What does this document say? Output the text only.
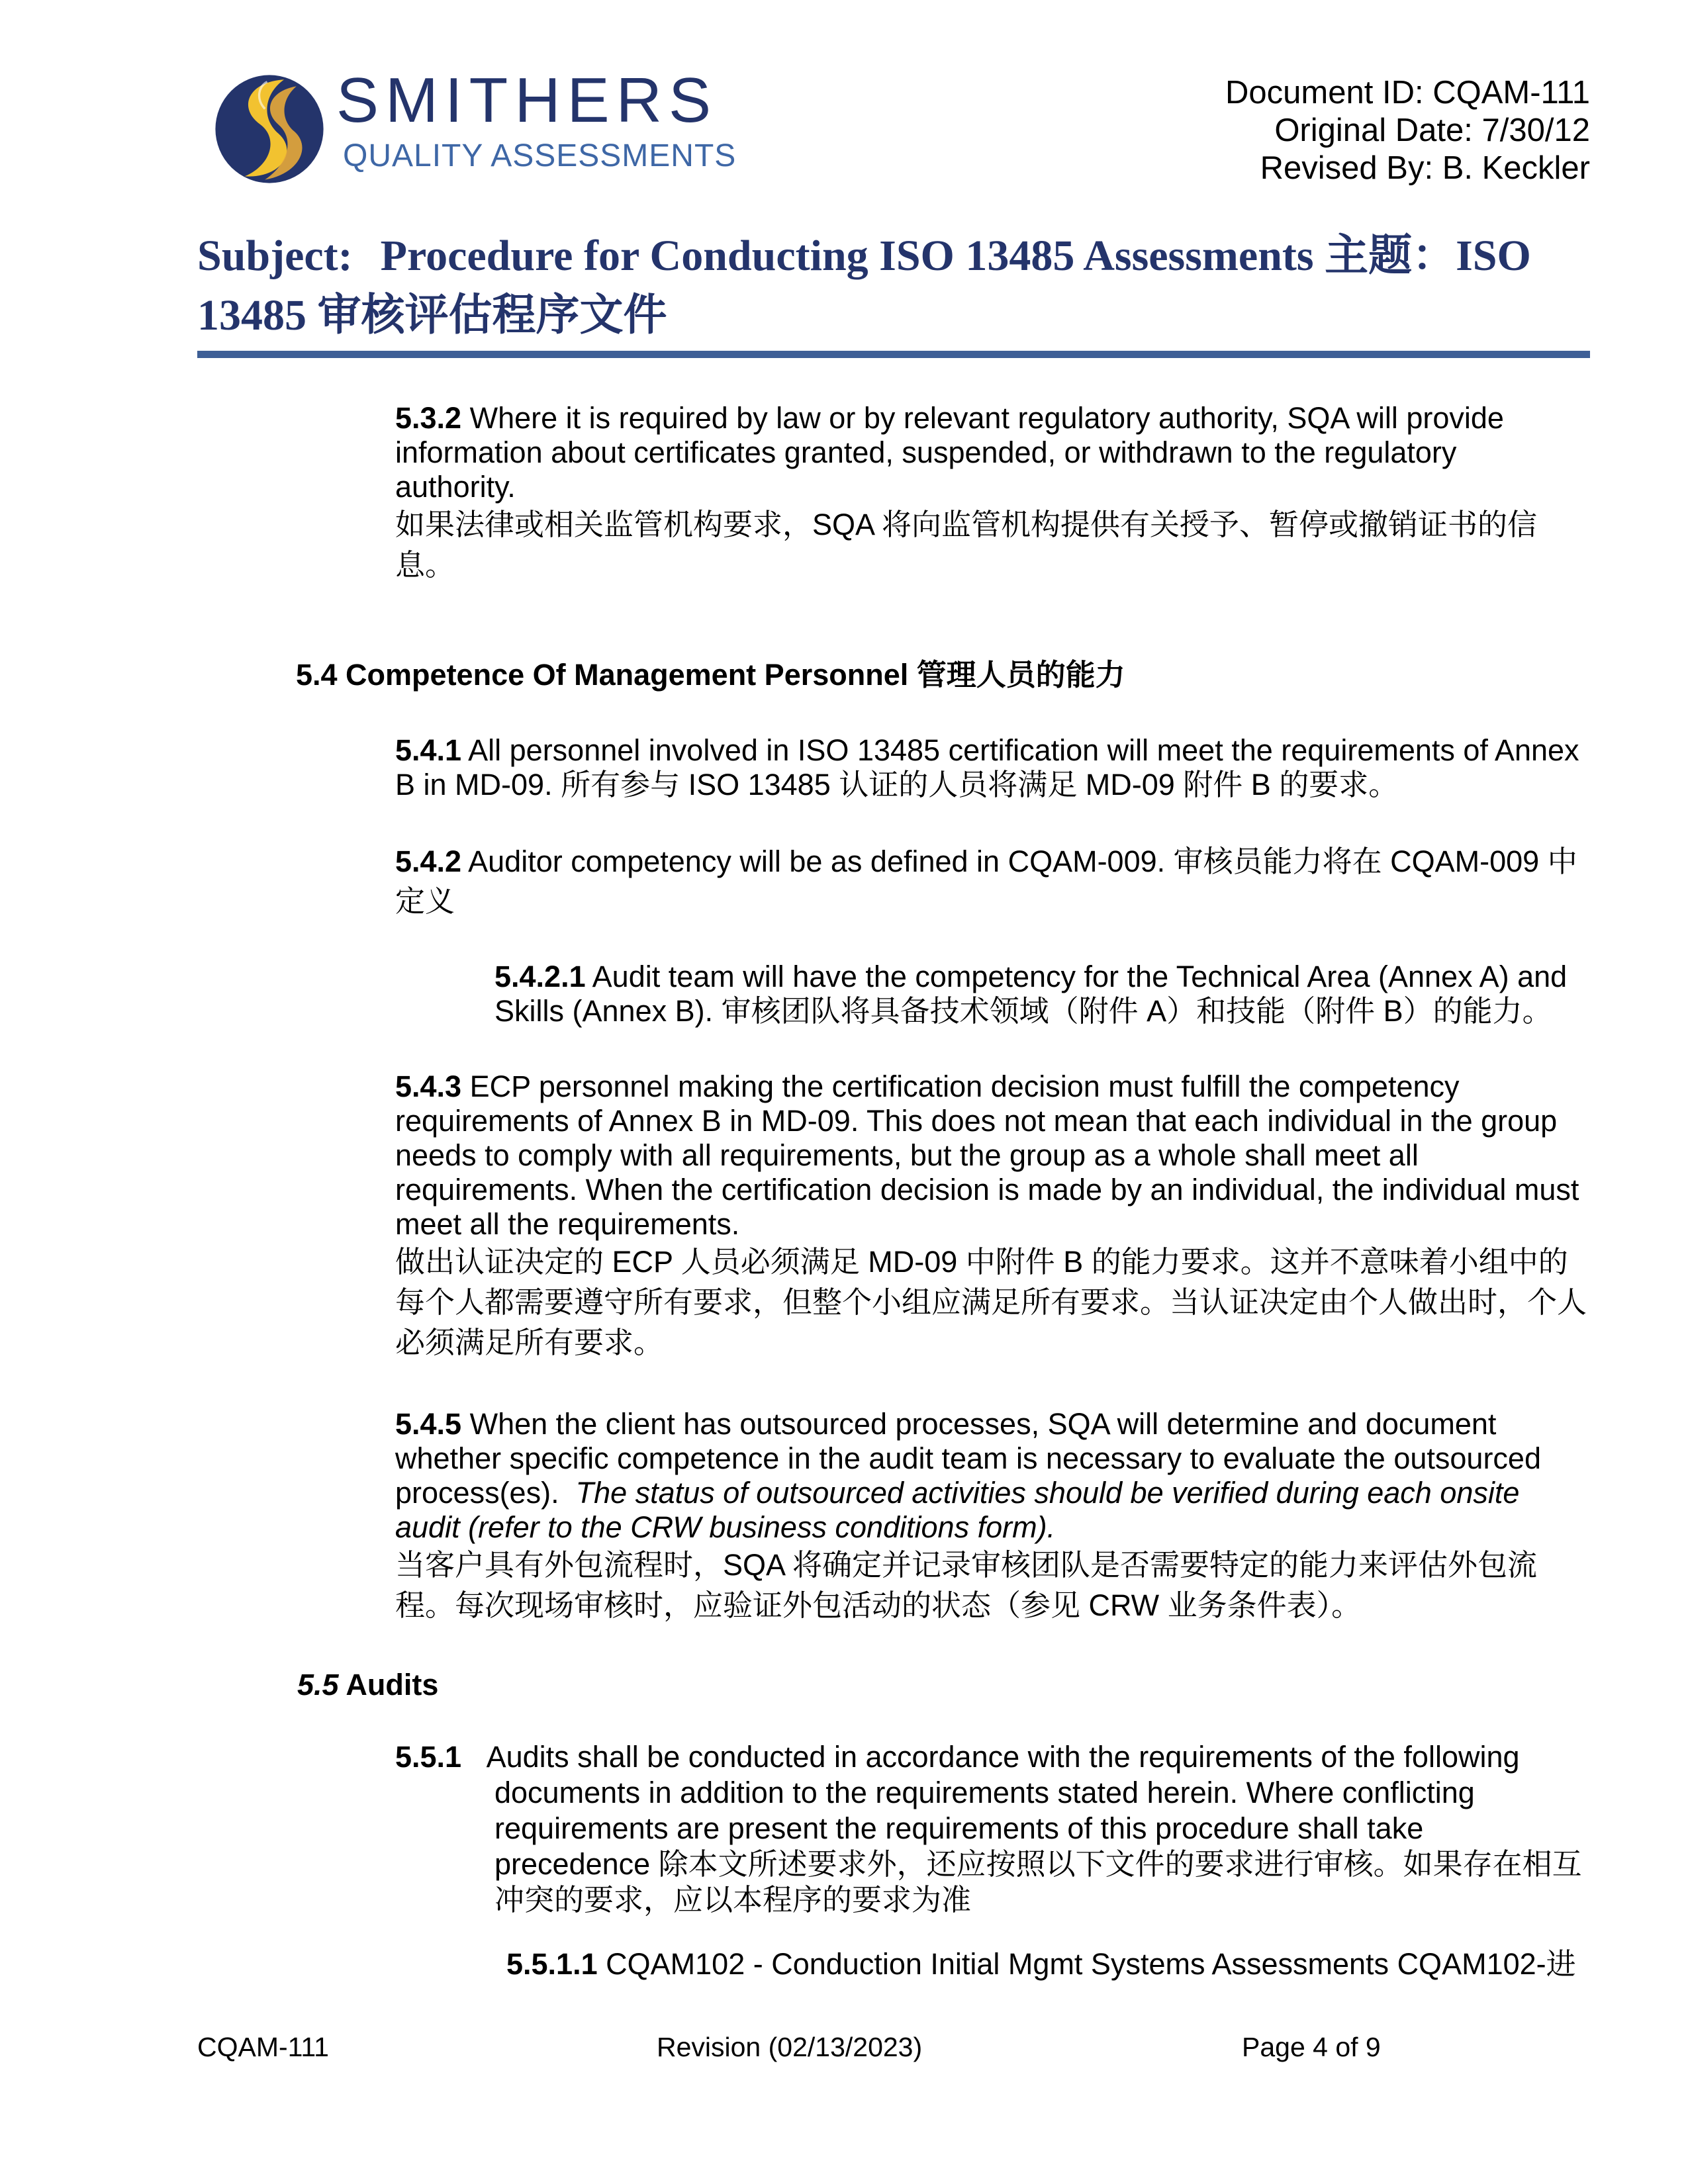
SMITHERS
QUALITY ASSESSMENTS
Document ID: CQAM-111
Original Date: 7/30/12
Revised By: B. Keckler
Subject: Procedure for Conducting ISO 13485 Assessments 主题：ISO 13485 审核评估程序文件

5.3.2 Where it is required by law or by relevant regulatory authority, SQA will provide information about certificates granted, suspended, or withdrawn to the regulatory authority.

如果法律或相关监管机构要求，SQA 将向监管机构提供有关授予、暂停或撤销证书的信息。

5.4 Competence Of Management Personnel 管理人员的能力

5.4.1 All personnel involved in ISO 13485 certification will meet the requirements of Annex B in MD-09. 所有参与 ISO 13485 认证的人员将满足 MD-09 附件 B 的要求。

5.4.2 Auditor competency will be as defined in CQAM-009. 审核员能力将在 CQAM-009 中定义

5.4.2.1 Audit team will have the competency for the Technical Area (Annex A) and Skills (Annex B). 审核团队将具备技术领域（附件 A）和技能（附件 B）的能力。

5.4.3 ECP personnel making the certification decision must fulfill the competency requirements of Annex B in MD-09. This does not mean that each individual in the group needs to comply with all requirements, but the group as a whole shall meet all requirements. When the certification decision is made by an individual, the individual must meet all the requirements.

做出认证决定的 ECP 人员必须满足 MD-09 中附件 B 的能力要求。这并不意味着小组中的每个人都需要遵守所有要求，但整个小组应满足所有要求。当认证决定由个人做出时，个人必须满足所有要求。

5.4.5 When the client has outsourced processes, SQA will determine and document whether specific competence in the audit team is necessary to evaluate the outsourced process(es). The status of outsourced activities should be verified during each onsite audit (refer to the CRW business conditions form).

当客户具有外包流程时，SQA 将确定并记录审核团队是否需要特定的能力来评估外包流程。每次现场审核时，应验证外包活动的状态（参见 CRW 业务条件表）。

5.5 Audits

5.5.1 Audits shall be conducted in accordance with the requirements of the following documents in addition to the requirements stated herein. Where conflicting requirements are present the requirements of this procedure shall take precedence 除本文所述要求外，还应按照以下文件的要求进行审核。如果存在相互冲突的要求，应以本程序的要求为准

5.5.1.1 CQAM102 - Conduction Initial Mgmt Systems Assessments CQAM102-进

CQAM-111	Revision (02/13/2023)	Page 4 of 9
